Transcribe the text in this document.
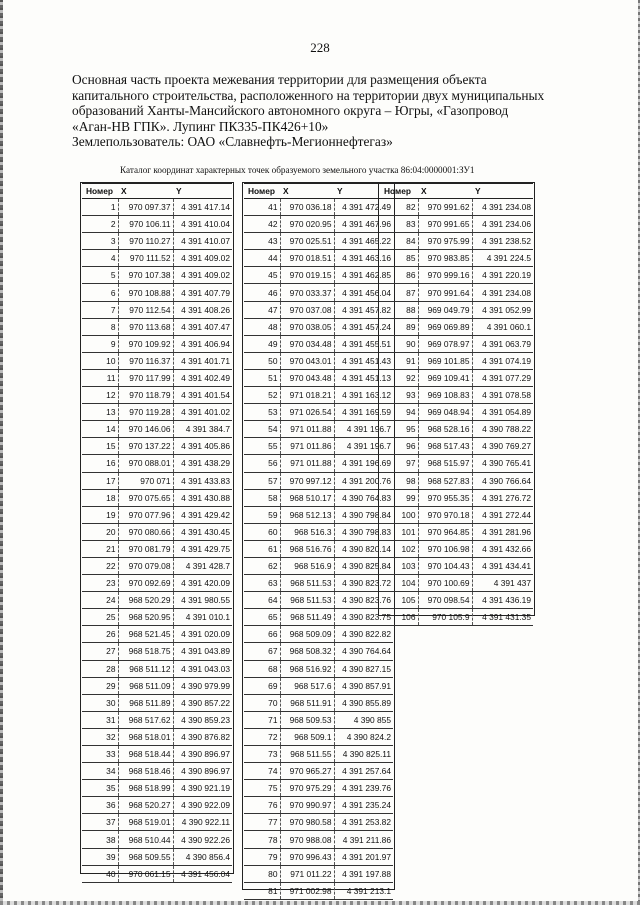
228
Основная часть проекта межевания территории для размещения объекта
капитального строительства, расположенного на территории двух муниципальных
образований Ханты-Мансийского автономного округа – Югры, «Газопровод
«Аган-НВ ГПК». Лупинг ПК335-ПК426+10»
Землепользователь: ОАО «Славнефть-Мегионнефтегаз»
Каталог координат характерных точек образуемого земельного участка 86:04:0000001:ЗУ1
Номер	X	Y
1	970 097.37	4 391 417.14
2	970 106.11	4 391 410.04
3	970 110.27	4 391 410.07
4	970 111.52	4 391 409.02
5	970 107.38	4 391 409.02
6	970 108.88	4 391 407.79
7	970 112.54	4 391 408.26
8	970 113.68	4 391 407.47
9	970 109.92	4 391 406.94
10	970 116.37	4 391 401.71
11	970 117.99	4 391 402.49
12	970 118.79	4 391 401.54
13	970 119.28	4 391 401.02
14	970 146.06	4 391 384.7
15	970 137.22	4 391 405.86
16	970 088.01	4 391 438.29
17	970 071	4 391 433.83
18	970 075.65	4 391 430.88
19	970 077.96	4 391 429.42
20	970 080.66	4 391 430.45
21	970 081.79	4 391 429.75
22	970 079.08	4 391 428.7
23	970 092.69	4 391 420.09
24	968 520.29	4 391 980.55
25	968 520.95	4 391 010.1
26	968 521.45	4 391 020.09
27	968 518.75	4 391 043.89
28	968 511.12	4 391 043.03
29	968 511.09	4 390 979.99
30	968 511.89	4 390 857.22
31	968 517.62	4 390 859.23
32	968 518.01	4 390 876.82
33	968 518.44	4 390 896.97
34	968 518.46	4 390 896.97
35	968 518.99	4 390 921.19
36	968 520.27	4 390 922.09
37	968 519.01	4 390 922.11
38	968 510.44	4 390 922.26
39	968 509.55	4 390 856.4
40	970 061.15	4 391 456.04
Номер	X	Y
41	970 036.18	4 391 472.49
42	970 020.95	4 391 467.96
43	970 025.51	4 391 465.22
44	970 018.51	4 391 463.16
45	970 019.15	4 391 462.85
46	970 033.37	4 391 456.04
47	970 037.08	4 391 457.82
48	970 038.05	4 391 457.24
49	970 034.48	4 391 455.51
50	970 043.01	4 391 451.43
51	970 043.48	4 391 451.13
52	971 018.21	4 391 163.12
53	971 026.54	4 391 169.59
54	971 011.88	4 391 196.7
55	971 011.86	4 391 196.7
56	971 011.88	4 391 196.69
57	970 997.12	4 391 200.76
58	968 510.17	4 390 764.83
59	968 512.13	4 390 798.84
60	968 516.3	4 390 798.83
61	968 516.76	4 390 820.14
62	968 516.9	4 390 825.84
63	968 511.53	4 390 823.72
64	968 511.53	4 390 823.76
65	968 511.49	4 390 823.75
66	968 509.09	4 390 822.82
67	968 508.32	4 390 764.64
68	968 516.92	4 390 827.15
69	968 517.6	4 390 857.91
70	968 511.91	4 390 855.89
71	968 509.53	4 390 855
72	968 509.1	4 390 824.2
73	968 511.55	4 390 825.11
74	970 965.27	4 391 257.64
75	970 975.29	4 391 239.76
76	970 990.97	4 391 235.24
77	970 980.58	4 391 253.82
78	970 988.08	4 391 211.86
79	970 996.43	4 391 201.97
80	971 011.22	4 391 197.88
81	971 002.98	4 391 213.1
Номер	X	Y
82	970 991.62	4 391 234.08
83	970 991.65	4 391 234.06
84	970 975.99	4 391 238.52
85	970 983.85	4 391 224.5
86	970 999.16	4 391 220.19
87	970 991.64	4 391 234.08
88	969 049.79	4 391 052.99
89	969 069.89	4 391 060.1
90	969 078.97	4 391 063.79
91	969 101.85	4 391 074.19
92	969 109.41	4 391 077.29
93	969 108.83	4 391 078.58
94	969 048.94	4 391 054.89
95	968 528.16	4 390 788.22
96	968 517.43	4 390 769.27
97	968 515.97	4 390 765.41
98	968 527.83	4 390 766.64
99	970 955.35	4 391 276.72
100	970 970.18	4 391 272.44
101	970 964.85	4 391 281.96
102	970 106.98	4 391 432.66
103	970 104.43	4 391 434.41
104	970 100.69	4 391 437
105	970 098.54	4 391 436.19
106	970 105.9	4 391 431.35
